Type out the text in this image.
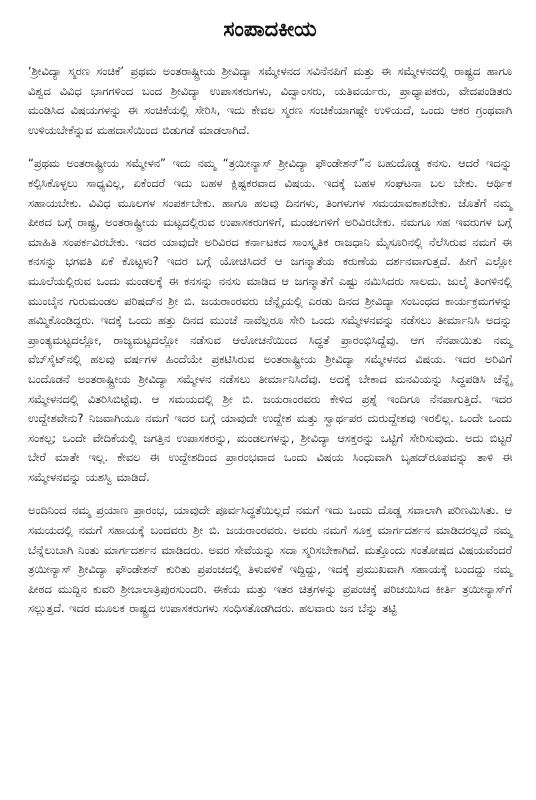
ಸಂಪಾದಕೀಯ

‘ಶ್ರೀವಿದ್ಯಾ ಸ್ಮರಣ ಸಂಚಿಕೆ’ ಪ್ರಥಮ ಅಂತರಾಷ್ಟ್ರೀಯ ಶ್ರೀವಿದ್ಯಾ ಸಮ್ಮೇಳನದ ಸವಿನೆನಪಿಗೆ ಮತ್ತು ಈ ಸಮ್ಮೇಳನದಲ್ಲಿ ರಾಷ್ಟ್ರದ ಹಾಗೂ ವಿಶ್ವದ ವಿವಿಧ ಭಾಗಗಳಿಂದ ಬಂದ ಶ್ರೀವಿದ್ಯಾ ಉಪಾಸಕರುಗಳು, ವಿದ್ವಾಂಸರು, ಯತಿವರ್ಯರು, ಪ್ರಾಧ್ಯಾಪಕರು, ವೇದಪಂಡಿತರು ಮಂಡಿಸಿದ ವಿಷಯಗಳನ್ನು ಈ ಸಂಚಿಕೆಯಲ್ಲಿ ಸೇರಿಸಿ, ಇದು ಕೇವಲ ಸ್ಮರಣ ಸಂಚಿಕೆಯಾಗಷ್ಟೇ ಉಳಿಯದೆ, ಒಂದು ಆಕರ ಗ್ರಂಥವಾಗಿ ಉಳಿಯಬೇಕೆನ್ನುವ ಮಹದಾಸೆಯಿಂದ ಬಿಡುಗಡೆ ಮಾಡಲಾಗಿದೆ.

“ಪ್ರಥಮ ಅಂತರಾಷ್ಟ್ರೀಯ ಸಮ್ಮೇಳನ” ಇದು ನಮ್ಮ “ತ್ರಯೀನ್ಯಾಸ್ ಶ್ರೀವಿದ್ಯಾ ಫೌಂಡೇಶನ್”ನ ಬಹುದೊಡ್ಡ ಕನಸು. ಆದರೆ ಇದನ್ನು ಕಲ್ಪಿಸಿಕೊಳ್ಳಲು ಸಾಧ್ಯವಿಲ್ಲ, ಏಕೆಂದರೆ ಇದು ಬಹಳ ಕ್ಲಿಷ್ಟಕರವಾದ ವಿಷಯ. ಇದಕ್ಕೆ ಬಹಳ ಸಂಘಟನಾ ಬಲ ಬೇಕು. ಆರ್ಥಿಕ ಸಹಾಯಬೇಕು. ವಿವಿಧ ಮೂಲಗಳ ಸಂಪರ್ಕಬೇಕು. ಹಾಗೂ ಹಲವು ದಿನಗಳು, ತಿಂಗಳುಗಳ ಸಮಯಾವಕಾಶಬೇಕು. ಜೊತೆಗೆ ನಮ್ಮ ಪೀಠದ ಬಗ್ಗೆ ರಾಷ್ಟ್ರ, ಅಂತರಾಷ್ಟ್ರೀಯ ಮಟ್ಟದಲ್ಲಿರುವ ಉಪಾಸಕರುಗಳಿಗೆ, ಮಂಡಲಗಳಿಗೆ ಅರಿವಿರಬೇಕು. ನಮಗೂ ಸಹ ಇವರುಗಳ ಬಗ್ಗೆ ಮಾಹಿತಿ ಸಂಪರ್ಕವಿರಬೇಕು. ಇದರ ಯಾವುದೇ ಅರಿವಿರದ ಕರ್ನಾಟಕದ ಸಾಂಸ್ಕೃತಿಕ ರಾಜಧಾನಿ ಮೈಸೂರಿನಲ್ಲಿ ನೆಲೆಸಿರುವ ನಮಗೆ ಈ ಕನಸನ್ನು ಭಗವತಿ ಏಕೆ ಕೊಟ್ಟಳು? ಇದರ ಬಗ್ಗೆ ಯೋಚಿಸಿದರೆ ಆ ಜಗನ್ಮಾತೆಯ ಕರುಣೆಯ ದರ್ಶನವಾಗುತ್ತದೆ. ಹೀಗೆ ಎಲ್ಲೋ ಮೂಲೆಯಲ್ಲಿರುವ ಒಂದು ಮಂಡಲಕ್ಕೆ ಈ ಕನಸನ್ನು ನನಸು ಮಾಡಿದ ಆ ಜಗನ್ಮಾತೆಗೆ ಎಷ್ಟು ನಮಿಸಿದರು ಸಾಲದು. ಜುಲೈ ತಿಂಗಳಿನಲ್ಲಿ ಮುಂಬೈನ ಗುರುಮಂಡಲ ಪರಿಷದ್‌ನ ಶ್ರೀ ಬಿ. ಜಯರಾಂರವರು ಚೆನ್ನೈಯಲ್ಲಿ ಎರಡು ದಿನದ ಶ್ರೀವಿದ್ಯಾ ಸಂಬಂಧದ ಕಾರ್ಯಕ್ರಮಗಳನ್ನು ಹಮ್ಮಿಕೊಂಡಿದ್ದರು. ಇದಕ್ಕೆ ಒಂದು ಹತ್ತು ದಿನದ ಮುಂಚೆ ನಾವೆಲ್ಲರೂ ಸೇರಿ ಒಂದು ಸಮ್ಮೇಳನವನ್ನು ನಡೆಸಲು ತೀರ್ಮಾನಿಸಿ ಅದನ್ನು ಪ್ರಾಂತ್ಯಮಟ್ಟದಲ್ಲೋ, ರಾಜ್ಯಮಟ್ಟದಲ್ಲೋ ನಡೆಸುವ ಆಲೋಚನೆಯಿಂದ ಸಿದ್ಧತೆ ಪ್ರಾರಂಭಿಸಿದ್ದೆವು. ಆಗ ನೆನಪಾಯಿತು ನಮ್ಮ ವೆಬ್‌ಸೈಟ್‌ನಲ್ಲಿ ಹಲವು ವರ್ಷಗಳ ಹಿಂದೆಯೇ ಪ್ರಕಟಿಸಿರುವ ಅಂತರಾಷ್ಟ್ರೀಯ ಶ್ರೀವಿದ್ಯಾ ಸಮ್ಮೇಳನದ ವಿಷಯ. ಇದರ ಅರಿವಿಗೆ ಬಂದೊಡನೆ ಅಂತರಾಷ್ಟ್ರೀಯ ಶ್ರೀವಿದ್ಯಾ ಸಮ್ಮೇಳನ ನಡೆಸಲು ತೀರ್ಮಾನಿಸಿದೆವು. ಅದಕ್ಕೆ ಬೇಕಾದ ಮನವಿಯನ್ನು ಸಿದ್ಧಪಡಿಸಿ ಚೆನ್ನೈ ಸಮ್ಮೇಳನದಲ್ಲಿ ವಿತರಿಸಿಬಿಟ್ಟೆವು. ಆ ಸಮಯದಲ್ಲಿ ಶ್ರೀ ಬಿ. ಜಯರಾಂರವರು ಕೇಳಿದ ಪ್ರಶ್ನೆ ಇಂದಿಗೂ ನೆನಪಾಗುತ್ತಿದೆ. ಇದರ ಉದ್ದೇಶವೇನು? ನಿಜವಾಗಿಯೂ ನಮಗೆ ಇದರ ಬಗ್ಗೆ ಯಾವುದೇ ಉದ್ದೇಶ ಮತ್ತು ಸ್ವಾರ್ಥಪರ ದುರುದ್ದೇಶವು ಇರಲಿಲ್ಲ. ಒಂದೇ ಒಂದು ಸಂಕಲ್ಪ; ಒಂದೇ ವೇದಿಕೆಯಲ್ಲಿ ಜಗತ್ತಿನ ಉಪಾಸಕರನ್ನು, ಮಂಡಲಗಳನ್ನು, ಶ್ರೀವಿದ್ಯಾ ಆಸಕ್ತರನ್ನು ಒಟ್ಟಿಗೆ ಸೇರಿಸುವುದು. ಅದು ಬಿಟ್ಟರೆ ಬೇರೆ ಮಾತೇ ಇಲ್ಲ. ಕೇವಲ ಈ ಉದ್ದೇಶದಿಂದ ಪ್ರಾರಂಭವಾದ ಒಂದು ವಿಷಯ ಸಿಂಧುವಾಗಿ ಬೃಹದ್‌ರೂಪವನ್ನು ತಾಳಿ ಈ ಸಮ್ಮೇಳನವನ್ನು ಯಶಸ್ವಿ ಮಾಡಿದೆ.

ಅಂದಿನಿಂದ ನಮ್ಮ ಪ್ರಯಾಣ ಪ್ರಾರಂಭ, ಯಾವುದೇ ಪೂರ್ವಸಿದ್ಧತೆಯಿಲ್ಲದೆ ನಮಗೆ ಇದು ಒಂದು ದೊಡ್ಡ ಸವಾಲಾಗಿ ಪರಿಣಮಿಸಿತು. ಆ ಸಮಯದಲ್ಲಿ ನಮಗೆ ಸಹಾಯಕ್ಕೆ ಬಂದವರು ಶ್ರೀ ಬಿ. ಜಯರಾಂರವರು. ಅವರು ನಮಗೆ ಸೂಕ್ತ ಮಾರ್ಗದರ್ಶನ ಮಾಡಿದರಲ್ಲದೆ ನಮ್ಮ ಬೆನ್ನೆಲುಬಾಗಿ ನಿಂತು ಮಾರ್ಗದರ್ಶನ ಮಾಡಿದರು. ಅವರ ಸೇವೆಯನ್ನು ಸದಾ ಸ್ಮರಿಸಬೇಕಾಗಿದೆ. ಮತ್ತೊಂದು ಸಂತೋಷದ ವಿಷಯವೆಂದರೆ ತ್ರಯೀನ್ಯಾಸ್ ಶ್ರೀವಿದ್ಯಾ ಫೌಂಡೇಶನ್ ಕುರಿತು ಪ್ರಪಂಚದಲ್ಲಿ ತಿಳುವಳಿಕೆ ಇದ್ದಿದ್ದು, ಇದಕ್ಕೆ ಪ್ರಮುಖವಾಗಿ ಸಹಾಯಕ್ಕೆ ಬಂದದ್ದು ನಮ್ಮ ಪೀಠದ ಮುದ್ದಿನ ಕುವರಿ ಶ್ರೀಬಾಲಾತ್ರಿಪುರಸುಂದರಿ. ಈಕೆಯ ಮತ್ತು ಇತರ ಚಿತ್ರಗಳನ್ನು ಪ್ರಪಂಚಕ್ಕೆ ಪರಿಚಯಿಸಿದ ಕೀರ್ತಿ ತ್ರಯೀನ್ಯಾಸ್‌ಗೆ ಸಲ್ಲುತ್ತದೆ. ಇದರ ಮೂಲಕ ರಾಷ್ಟ್ರದ ಉಪಾಸಕರುಗಳು ಸಂಧಿಸತೊಡಗಿದರು. ಹಲವಾರು ಜನ ಬೆನ್ನು ತಟ್ಟಿ
